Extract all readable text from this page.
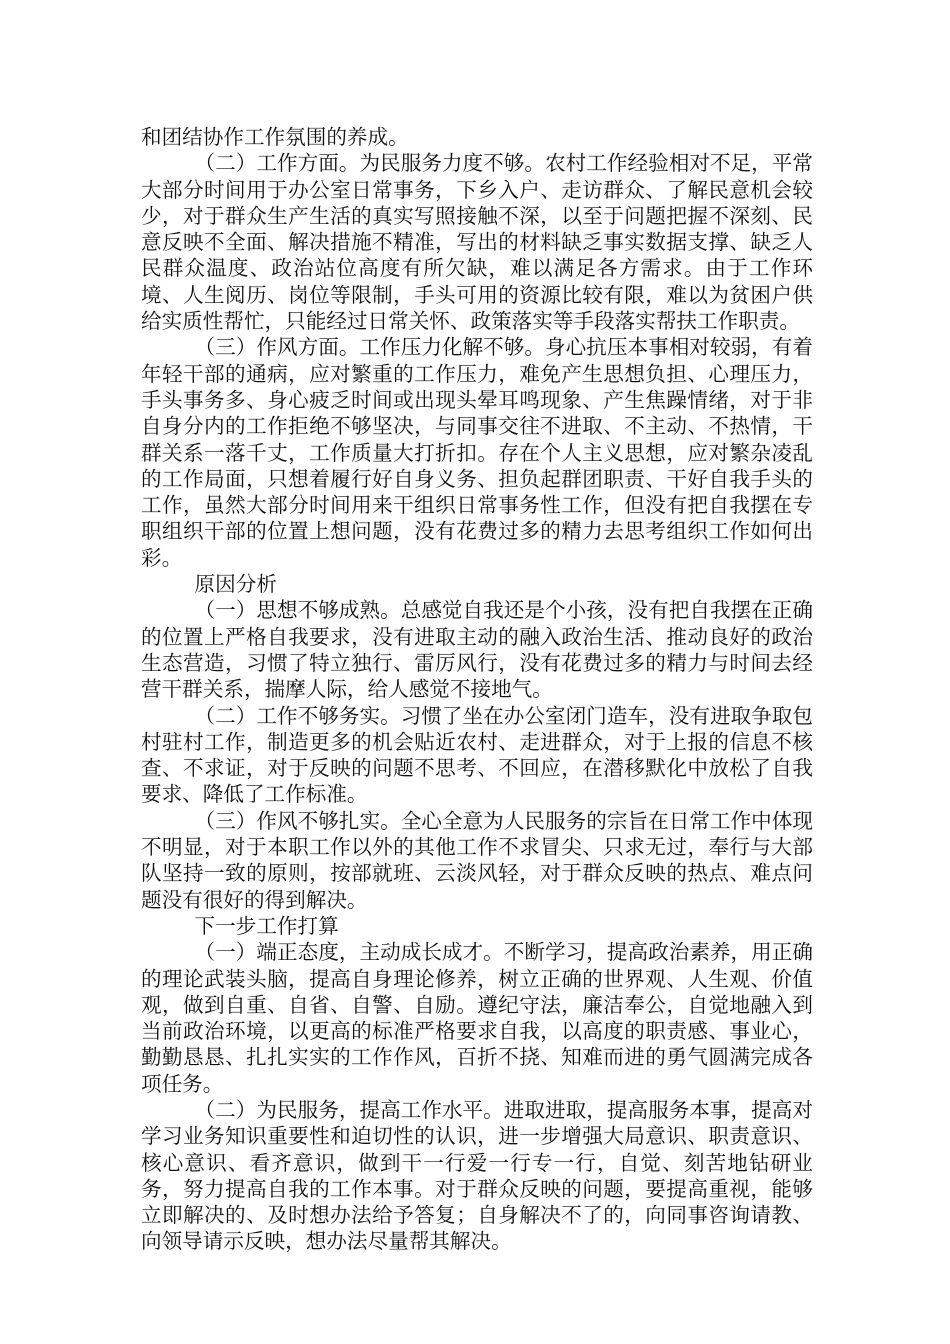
和团结协作工作氛围的养成。

（二）工作方面。为民服务力度不够。农村工作经验相对不足，平常大部分时间用于办公室日常事务，下乡入户、走访群众、了解民意机会较少，对于群众生产生活的真实写照接触不深，以至于问题把握不深刻、民意反映不全面、解决措施不精准，写出的材料缺乏事实数据支撑、缺乏人民群众温度、政治站位高度有所欠缺，难以满足各方需求。由于工作环境、人生阅历、岗位等限制，手头可用的资源比较有限，难以为贫困户供给实质性帮忙，只能经过日常关怀、政策落实等手段落实帮扶工作职责。

（三）作风方面。工作压力化解不够。身心抗压本事相对较弱，有着年轻干部的通病，应对繁重的工作压力，难免产生思想负担、心理压力，手头事务多、身心疲乏时间或出现头晕耳鸣现象、产生焦躁情绪，对于非自身分内的工作拒绝不够坚决，与同事交往不进取、不主动、不热情，干群关系一落千丈，工作质量大打折扣。存在个人主义思想，应对繁杂凌乱的工作局面，只想着履行好自身义务、担负起群团职责、干好自我手头的工作，虽然大部分时间用来干组织日常事务性工作，但没有把自我摆在专职组织干部的位置上想问题，没有花费过多的精力去思考组织工作如何出彩。

原因分析

（一）思想不够成熟。总感觉自我还是个小孩，没有把自我摆在正确的位置上严格自我要求，没有进取主动的融入政治生活、推动良好的政治生态营造，习惯了特立独行、雷厉风行，没有花费过多的精力与时间去经营干群关系，揣摩人际，给人感觉不接地气。

（二）工作不够务实。习惯了坐在办公室闭门造车，没有进取争取包村驻村工作，制造更多的机会贴近农村、走进群众，对于上报的信息不核查、不求证，对于反映的问题不思考、不回应，在潜移默化中放松了自我要求、降低了工作标准。

（三）作风不够扎实。全心全意为人民服务的宗旨在日常工作中体现不明显，对于本职工作以外的其他工作不求冒尖、只求无过，奉行与大部队坚持一致的原则，按部就班、云淡风轻，对于群众反映的热点、难点问题没有很好的得到解决。

下一步工作打算

（一）端正态度，主动成长成才。不断学习，提高政治素养，用正确的理论武装头脑，提高自身理论修养，树立正确的世界观、人生观、价值观，做到自重、自省、自警、自励。遵纪守法，廉洁奉公，自觉地融入到当前政治环境，以更高的标准严格要求自我，以高度的职责感、事业心，勤勤恳恳、扎扎实实的工作作风，百折不挠、知难而进的勇气圆满完成各项任务。

（二）为民服务，提高工作水平。进取进取，提高服务本事，提高对学习业务知识重要性和迫切性的认识，进一步增强大局意识、职责意识、核心意识、看齐意识，做到干一行爱一行专一行，自觉、刻苦地钻研业务，努力提高自我的工作本事。对于群众反映的问题，要提高重视，能够立即解决的、及时想办法给予答复；自身解决不了的，向同事咨询请教、向领导请示反映，想办法尽量帮其解决。
